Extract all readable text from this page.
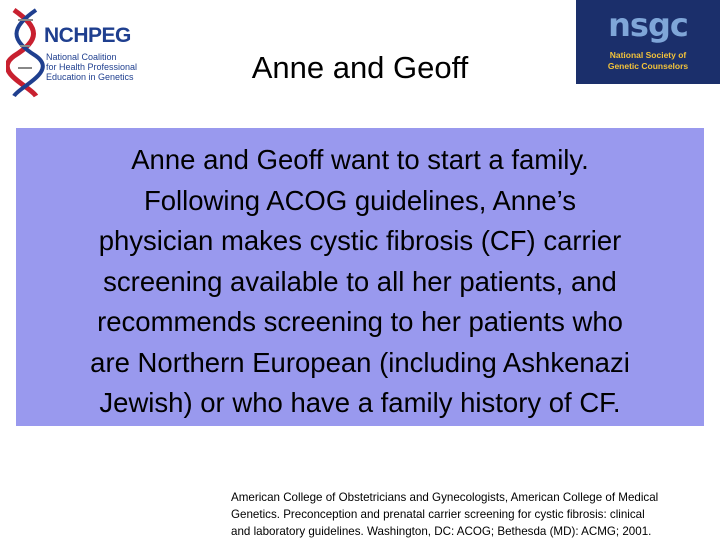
NCHPEG
National Coalition
for Health Professional
Education in Genetics	Anne and Geoff
nsgc
National Society of
Genetic Counselors
Anne and Geoff want to start a family.
Following ACOG guidelines, Anne’s
physician makes cystic fibrosis (CF) carrier
screening available to all her patients, and
recommends screening to her patients who
are Northern European (including Ashkenazi
Jewish) or who have a family history of CF.
American College of Obstetricians and Gynecologists, American College of Medical
Genetics. Preconception and prenatal carrier screening for cystic fibrosis: clinical
and laboratory guidelines. Washington, DC: ACOG; Bethesda (MD): ACMG; 2001.
